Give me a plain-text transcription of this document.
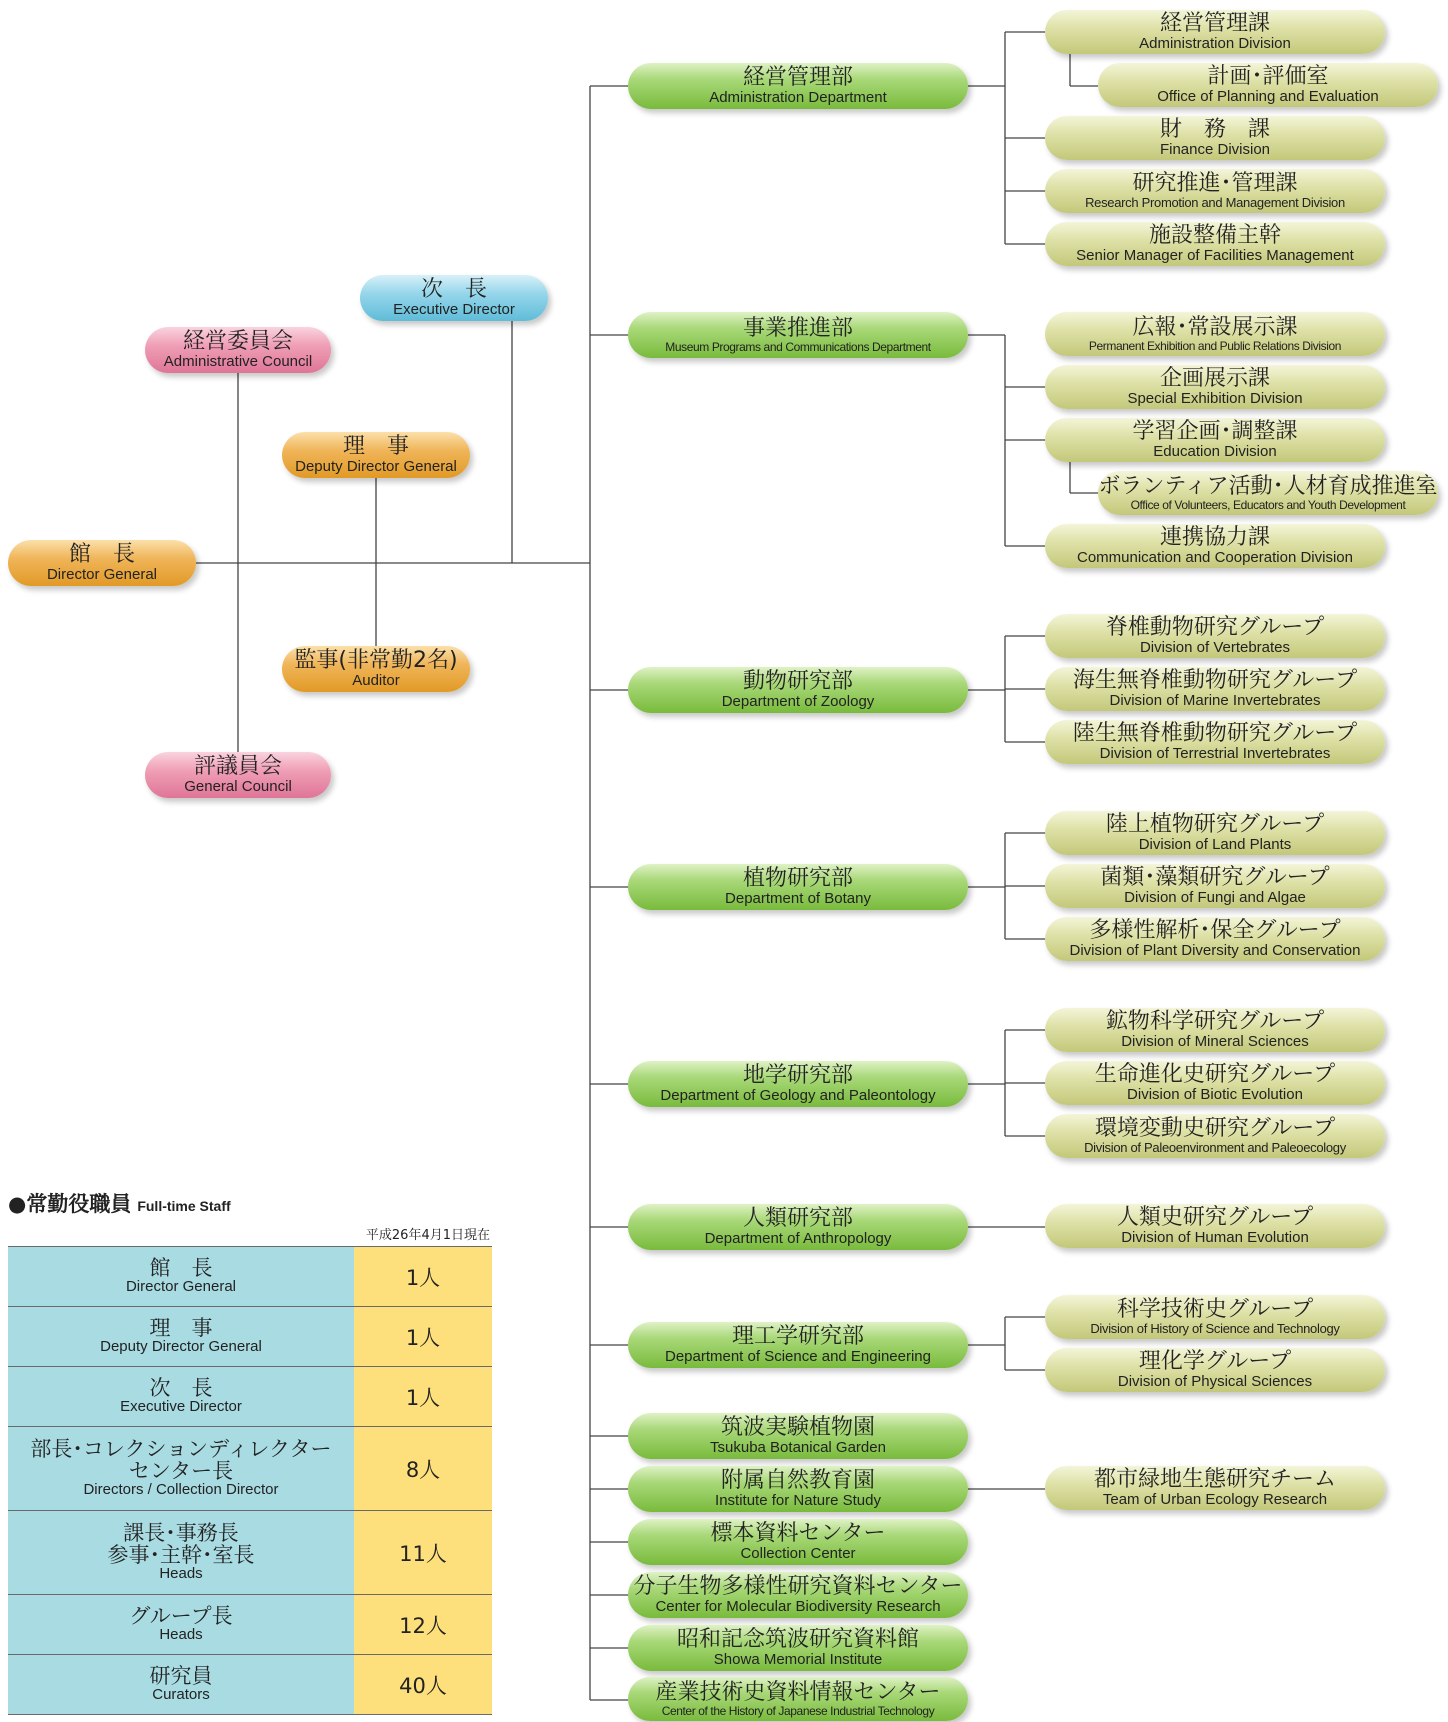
館　長
Director General
経営委員会
Administrative Council
次　長
Executive Director
理　事
Deputy Director General
監事(非常勤2名)
Auditor
評議員会
General Council
経営管理部
Administration Department
事業推進部
Museum Programs and Communications Department
動物研究部
Department of Zoology
植物研究部
Department of Botany
地学研究部
Department of Geology and Paleontology
人類研究部
Department of Anthropology
理工学研究部
Department of Science and Engineering
筑波実験植物園
Tsukuba Botanical Garden
附属自然教育園
Institute for Nature Study
標本資料センター
Collection Center
分子生物多様性研究資料センター
Center for Molecular Biodiversity Research
昭和記念筑波研究資料館
Showa Memorial Institute
産業技術史資料情報センター
Center of the History of Japanese Industrial Technology
経営管理課
Administration Division
計画･評価室
Office of Planning and Evaluation
財　務　課
Finance Division
研究推進･管理課
Research Promotion and Management Division
施設整備主幹
Senior Manager of Facilities Management
広報･常設展示課
Permanent Exhibition and Public Relations Division
企画展示課
Special Exhibition Division
学習企画･調整課
Education Division
ボランティア活動･人材育成推進室
Office of Volunteers, Educators and Youth Development
連携協力課
Communication and Cooperation Division
脊椎動物研究グループ
Division of Vertebrates
海生無脊椎動物研究グループ
Division of Marine Invertebrates
陸生無脊椎動物研究グループ
Division of Terrestrial Invertebrates
陸上植物研究グループ
Division of Land Plants
菌類･藻類研究グループ
Division of Fungi and Algae
多様性解析･保全グループ
Division of Plant Diversity and Conservation
鉱物科学研究グループ
Division of Mineral Sciences
生命進化史研究グループ
Division of Biotic Evolution
環境変動史研究グループ
Division of Paleoenvironment and Paleoecology
人類史研究グループ
Division of Human Evolution
科学技術史グループ
Division of History of Science and Technology
理化学グループ
Division of Physical Sciences
都市緑地生態研究チーム
Team of Urban Ecology Research
●常勤役職員 Full-time Staff
平成26年4月1日現在
館　長
Director General	1人

理　事
Deputy Director General	1人

次　長
Executive Director	1人

部長･コレクションディレクター
センター長
Directors / Collection Director	8人

課長･事務長
参事･主幹･室長
Heads	11人

グループ長
Heads	12人

研究員
Curators	40人
